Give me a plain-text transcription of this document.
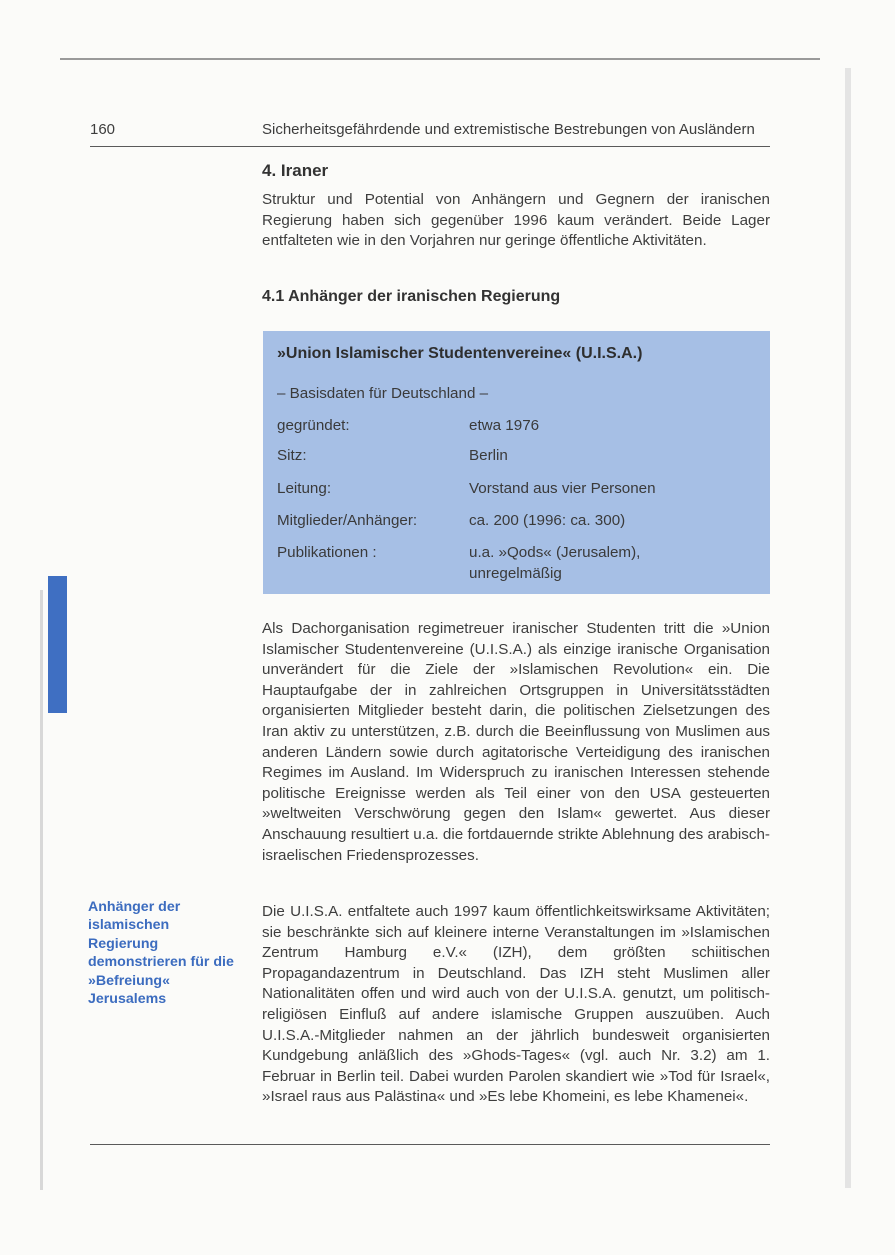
160	Sicherheitsgefährdende und extremistische Bestrebungen von Ausländern
4. Iraner
Struktur und Potential von Anhängern und Gegnern der iranischen Regierung haben sich gegenüber 1996 kaum verändert. Beide Lager entfalteten wie in den Vorjahren nur geringe öffentliche Aktivitäten.
4.1 Anhänger der iranischen Regierung
»Union Islamischer Studentenvereine« (U.I.S.A.)
– Basisdaten für Deutschland –
gegründet:	etwa 1976
Sitz:	Berlin
Leitung:	Vorstand aus vier Personen
Mitglieder/Anhänger:	ca. 200 (1996: ca. 300)
Publikationen :	u.a. »Qods« (Jerusalem), unregelmäßig
Als Dachorganisation regimetreuer iranischer Studenten tritt die »Union Islamischer Studentenvereine (U.I.S.A.) als einzige iranische Organisation unverändert für die Ziele der »Islamischen Revolution« ein. Die Hauptaufgabe der in zahlreichen Ortsgruppen in Universitätsstädten organisierten Mitglieder besteht darin, die politischen Zielsetzungen des Iran aktiv zu unterstützen, z.B. durch die Beeinflussung von Muslimen aus anderen Ländern sowie durch agitatorische Verteidigung des iranischen Regimes im Ausland. Im Widerspruch zu iranischen Interessen stehende politische Ereignisse werden als Teil einer von den USA gesteuerten »weltweiten Verschwörung gegen den Islam« gewertet. Aus dieser Anschauung resultiert u.a. die fortdauernde strikte Ablehnung des arabisch-israelischen Friedensprozesses.
Anhänger der islamischen Regierung demonstrieren für die »Befreiung« Jerusalems
Die U.I.S.A. entfaltete auch 1997 kaum öffentlichkeitswirksame Aktivitäten; sie beschränkte sich auf kleinere interne Veranstaltungen im »Islamischen Zentrum Hamburg e.V.« (IZH), dem größten schiitischen Propagandazentrum in Deutschland. Das IZH steht Muslimen aller Nationalitäten offen und wird auch von der U.I.S.A. genutzt, um politisch-religiösen Einfluß auf andere islamische Gruppen auszuüben. Auch U.I.S.A.-Mitglieder nahmen an der jährlich bundesweit organisierten Kundgebung anläßlich des »Ghods-Tages« (vgl. auch Nr. 3.2) am 1. Februar in Berlin teil. Dabei wurden Parolen skandiert wie »Tod für Israel«, »Israel raus aus Palästina« und »Es lebe Khomeini, es lebe Khamenei«.
